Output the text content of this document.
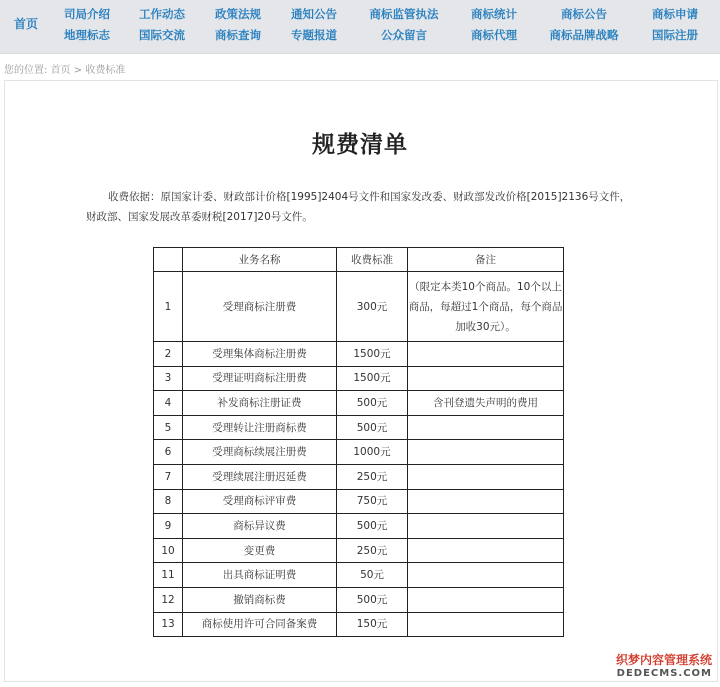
首页
司局介绍	工作动态	政策法规	通知公告	商标监管执法	商标统计	商标公告	商标申请
地理标志	国际交流	商标查询	专题报道	公众留言	商标代理	商标品牌战略	国际注册
您的位置: 首页 > 收费标准
规费清单
收费依据：原国家计委、财政部计价格[1995]2404号文件和国家发改委、财政部发改价格[2015]2136号文件，财政部、国家发展改革委财税[2017]20号文件。
	业务名称	收费标准	备注
1	受理商标注册费	300元	（限定本类10个商品。10个以上商品，每超过1个商品，每个商品加收30元）。
2	受理集体商标注册费	1500元	
3	受理证明商标注册费	1500元	
4	补发商标注册证费	500元	含刊登遗失声明的费用
5	受理转让注册商标费	500元	
6	受理商标续展注册费	1000元	
7	受理续展注册迟延费	250元	
8	受理商标评审费	750元	
9	商标异议费	500元	
10	变更费	250元	
11	出具商标证明费	50元	
12	撤销商标费	500元	
13	商标使用许可合同备案费	150元	
织梦内容管理系统
DEDECMS.COM
